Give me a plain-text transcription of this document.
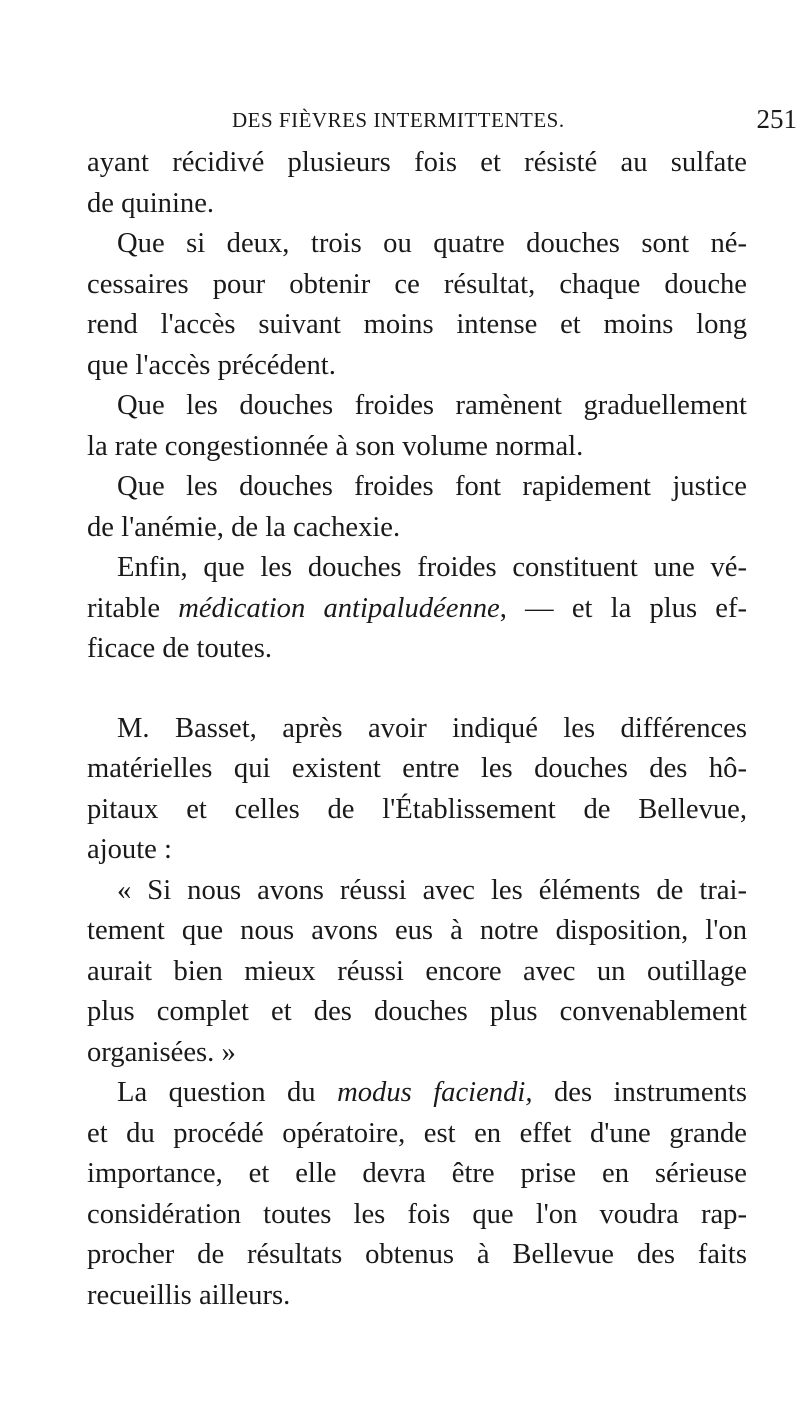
DES FIÈVRES INTERMITTENTES.	251
ayant récidivé plusieurs fois et résisté au sulfate
de quinine.
Que si deux, trois ou quatre douches sont né-
cessaires pour obtenir ce résultat, chaque douche
rend l'accès suivant moins intense et moins long
que l'accès précédent.
Que les douches froides ramènent graduellement
la rate congestionnée à son volume normal.
Que les douches froides font rapidement justice
de l'anémie, de la cachexie.
Enfin, que les douches froides constituent une vé-
ritable médication antipaludéenne, — et la plus ef-
ficace de toutes.
M. Basset, après avoir indiqué les différences
matérielles qui existent entre les douches des hô-
pitaux et celles de l'Établissement de Bellevue,
ajoute :
« Si nous avons réussi avec les éléments de trai-
tement que nous avons eus à notre disposition, l'on
aurait bien mieux réussi encore avec un outillage
plus complet et des douches plus convenablement
organisées. »
La question du modus faciendi, des instruments
et du procédé opératoire, est en effet d'une grande
importance, et elle devra être prise en sérieuse
considération toutes les fois que l'on voudra rap-
procher de résultats obtenus à Bellevue des faits
recueillis ailleurs.
